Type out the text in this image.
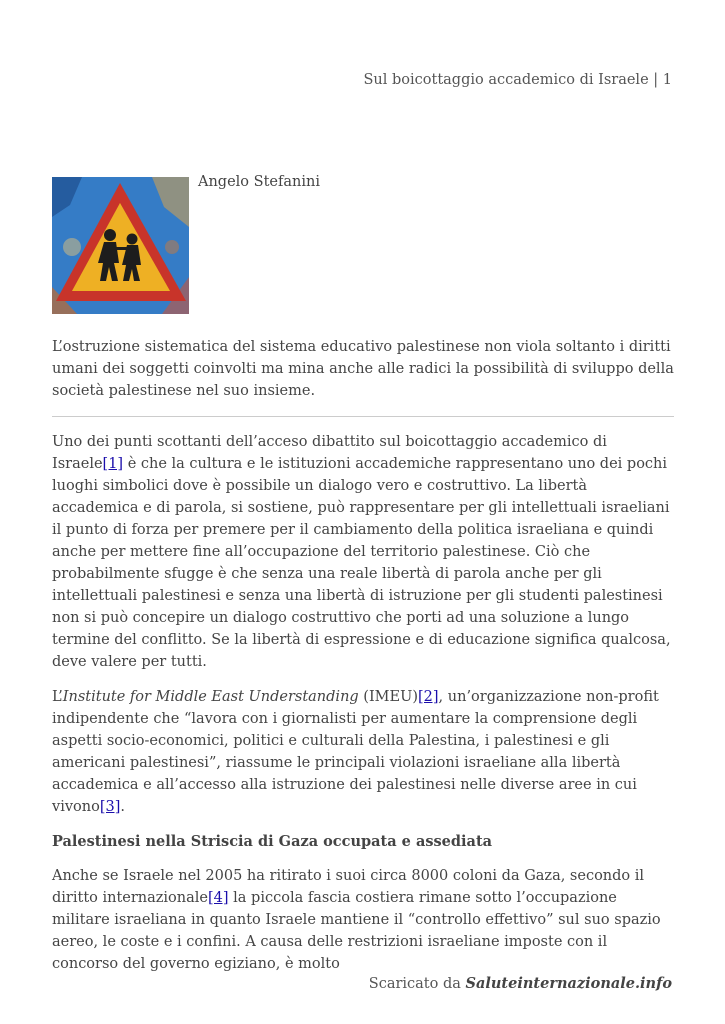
Sul boicottaggio accademico di Israele | 1
Angelo Stefanini

L’ostruzione sistematica del sistema educativo palestinese non viola soltanto i diritti umani dei soggetti coinvolti ma mina anche alle radici la possibilità di sviluppo della società palestinese nel suo insieme.

Uno dei punti scottanti dell’acceso dibattito sul boicottaggio accademico di Israele[1] è che la cultura e le istituzioni accademiche rappresentano uno dei pochi luoghi simbolici dove è possibile un dialogo vero e costruttivo. La libertà accademica e di parola, si sostiene, può rappresentare per gli intellettuali israeliani il punto di forza per premere per il cambiamento della politica israeliana e quindi anche per mettere fine all’occupazione del territorio palestinese. Ciò che probabilmente sfugge è che senza una reale libertà di parola anche per gli intellettuali palestinesi e senza una libertà di istruzione per gli studenti palestinesi non si può concepire un dialogo costruttivo che porti ad una soluzione a lungo termine del conflitto. Se la libertà di espressione e di educazione significa qualcosa, deve valere per tutti.

L’Institute for Middle East Understanding (IMEU)[2], un’organizzazione non-profit indipendente che “lavora con i giornalisti per aumentare la comprensione degli aspetti socio-economici, politici e culturali della Palestina, i palestinesi e gli americani palestinesi”, riassume le principali violazioni israeliane alla libertà accademica e all’accesso alla istruzione dei palestinesi nelle diverse aree in cui vivono[3].

Palestinesi nella Striscia di Gaza occupata e assediata

Anche se Israele nel 2005 ha ritirato i suoi circa 8000 coloni da Gaza, secondo il diritto internazionale[4] la piccola fascia costiera rimane sotto l’occupazione militare israeliana in quanto Israele mantiene il “controllo effettivo” sul suo spazio aereo, le coste e i confini. A causa delle restrizioni israeliane imposte con il concorso del governo egiziano, è molto

Scaricato da Saluteinternazionale.info
